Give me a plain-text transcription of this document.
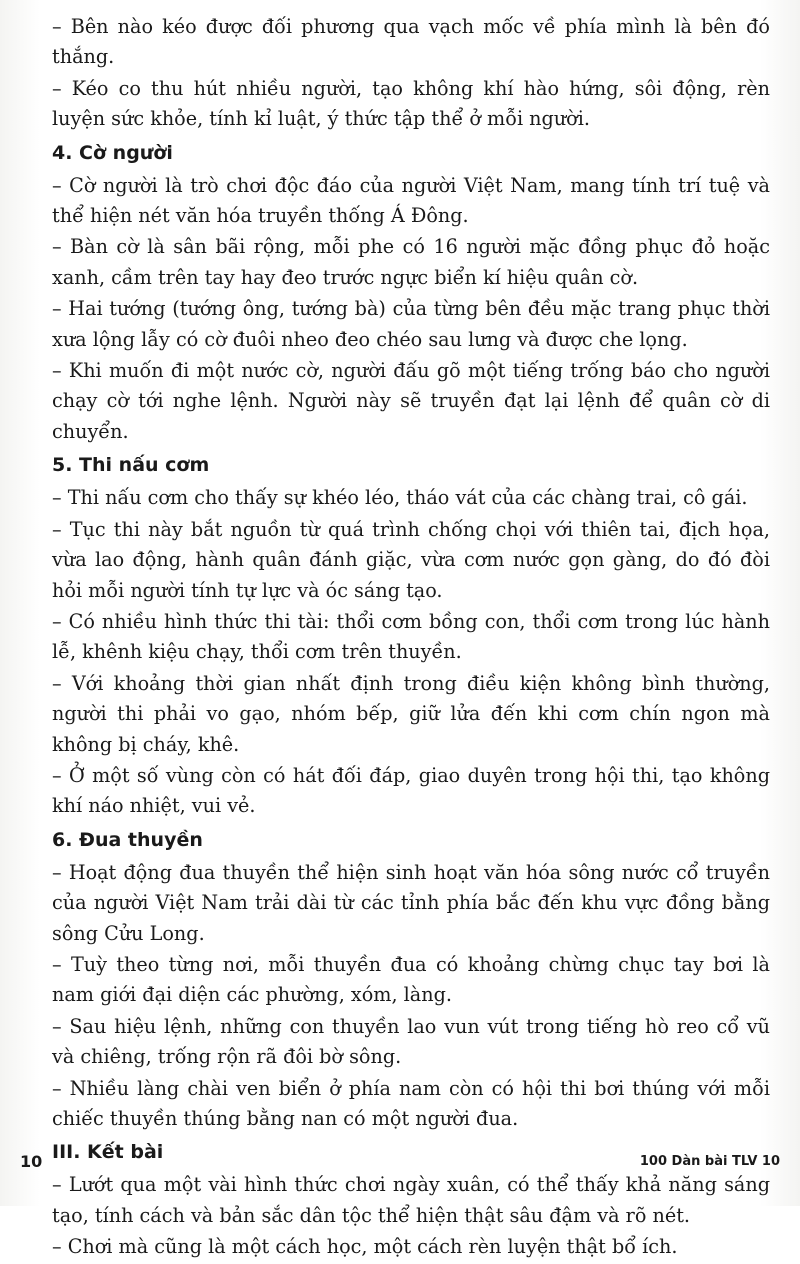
– Bên nào kéo được đối phương qua vạch mốc về phía mình là bên đó thắng.

– Kéo co thu hút nhiều người, tạo không khí hào hứng, sôi động, rèn luyện sức khỏe, tính kỉ luật, ý thức tập thể ở mỗi người.

4. Cờ người

– Cờ người là trò chơi độc đáo của người Việt Nam, mang tính trí tuệ và thể hiện nét văn hóa truyền thống Á Đông.

– Bàn cờ là sân bãi rộng, mỗi phe có 16 người mặc đồng phục đỏ hoặc xanh, cầm trên tay hay đeo trước ngực biển kí hiệu quân cờ.

– Hai tướng (tướng ông, tướng bà) của từng bên đều mặc trang phục thời xưa lộng lẫy có cờ đuôi nheo đeo chéo sau lưng và được che lọng.

– Khi muốn đi một nước cờ, người đấu gõ một tiếng trống báo cho người chạy cờ tới nghe lệnh. Người này sẽ truyền đạt lại lệnh để quân cờ di chuyển.

5. Thi nấu cơm

– Thi nấu cơm cho thấy sự khéo léo, tháo vát của các chàng trai, cô gái.

– Tục thi này bắt nguồn từ quá trình chống chọi với thiên tai, địch họa, vừa lao động, hành quân đánh giặc, vừa cơm nước gọn gàng, do đó đòi hỏi mỗi người tính tự lực và óc sáng tạo.

– Có nhiều hình thức thi tài: thổi cơm bồng con, thổi cơm trong lúc hành lễ, khênh kiệu chạy, thổi cơm trên thuyền.

– Với khoảng thời gian nhất định trong điều kiện không bình thường, người thi phải vo gạo, nhóm bếp, giữ lửa đến khi cơm chín ngon mà không bị cháy, khê.

– Ở một số vùng còn có hát đối đáp, giao duyên trong hội thi, tạo không khí náo nhiệt, vui vẻ.

6. Đua thuyền

– Hoạt động đua thuyền thể hiện sinh hoạt văn hóa sông nước cổ truyền của người Việt Nam trải dài từ các tỉnh phía bắc đến khu vực đồng bằng sông Cửu Long.

– Tuỳ theo từng nơi, mỗi thuyền đua có khoảng chừng chục tay bơi là nam giới đại diện các phường, xóm, làng.

– Sau hiệu lệnh, những con thuyền lao vun vút trong tiếng hò reo cổ vũ và chiêng, trống rộn rã đôi bờ sông.

– Nhiều làng chài ven biển ở phía nam còn có hội thi bơi thúng với mỗi chiếc thuyền thúng bằng nan có một người đua.

III. Kết bài

– Lướt qua một vài hình thức chơi ngày xuân, có thể thấy khả năng sáng tạo, tính cách và bản sắc dân tộc thể hiện thật sâu đậm và rõ nét.

– Chơi mà cũng là một cách học, một cách rèn luyện thật bổ ích.

10	100 Dàn bài TLV 10
